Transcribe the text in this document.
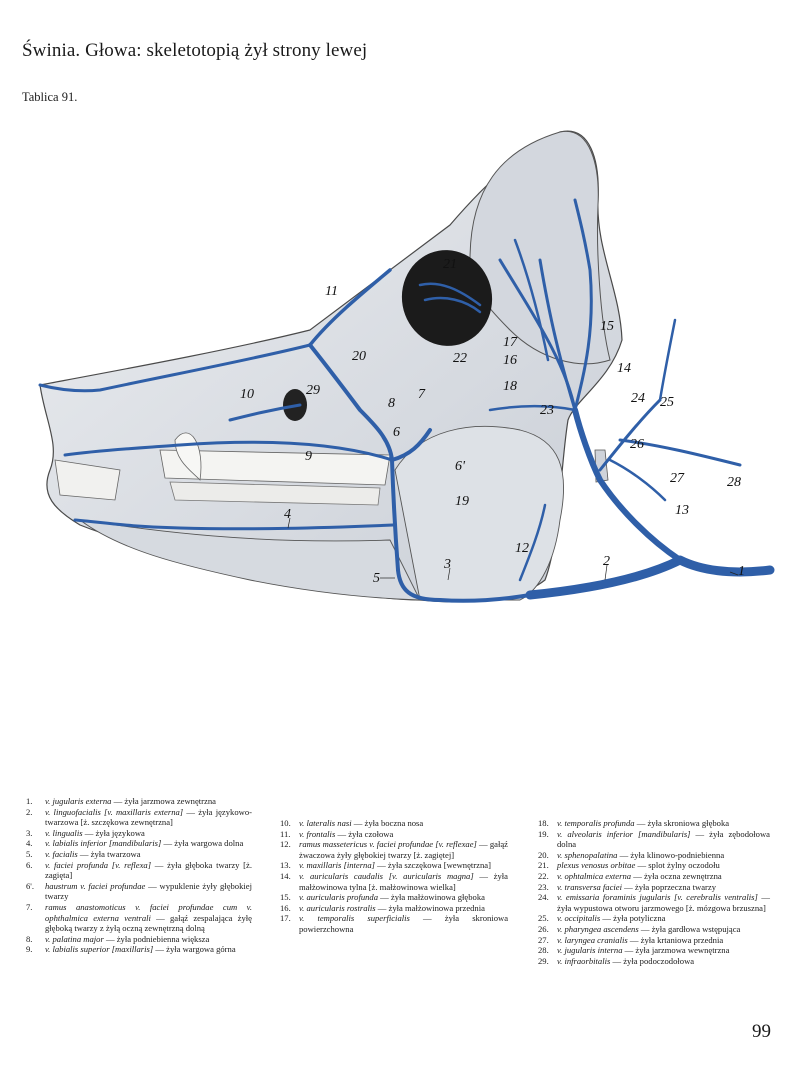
Świnia. Głowa: skeletotopią żył strony lewej
Tablica 91.
1
2
3
4
5
6
6'
7
8
9
10
11
12
13
14
15
16
17
18
19
20
21
22
23
24 25
26
27	28
29
1.	v. jugularis externa — żyła jarzmowa zewnętrzna
2.	v. linguofacialis [v. maxillaris externa] — żyła językowo-twarzowa [ż. szczękowa zewnętrzna]
3.	v. lingualis — żyła językowa
4.	v. labialis inferior [mandibularis] — żyła wargowa dolna
5.	v. facialis — żyła twarzowa
6.	v. faciei profunda [v. reflexa] — żyła głęboka twarzy [ż. zagięta]
6'.	haustrum v. faciei profundae — wypuklenie żyły głębokiej twarzy
7.	ramus anastomoticus v. faciei profundae cum v. ophthalmica externa ventrali — gałąź zespalająca żyłę głęboką twarzy z żyłą oczną zewnętrzną dolną
8.	v. palatina major — żyła podniebienna większa
9.	v. labialis superior [maxillaris] — żyła wargowa górna
10. v. lateralis nasi — żyła boczna nosa
11. v. frontalis — żyła czołowa
12. ramus massetericus v. faciei profundae [v. reflexae] — gałąź żwaczowa żyły głębokiej twarzy [ż. zagiętej]
13. v. maxillaris [interna] — żyła szczękowa [wewnętrzna]
14. v. auricularis caudalis [v. auricularis magna] — żyła małżowinowa tylna [ż. małżowinowa wielka]
15. v. auricularis profunda — żyła małżowinowa głęboka
16. v. auricularis rostralis — żyła małżowinowa przednia
17. v. temporalis superficialis — żyła skroniowa powierzchowna
18. v. temporalis profunda — żyła skroniowa głęboka
19. v. alveolaris inferior [mandibularis] — żyła zębodołowa dolna
20. v. sphenopalatina — żyła klinowo-podniebienna
21. plexus venosus orbitae — splot żylny oczodołu
22. v. ophtalmica externa — żyła oczna zewnętrzna
23. v. transversa faciei — żyła poprzeczna twarzy
24. v. emissaria foraminis jugularis [v. cerebralis ventralis] — żyła wypustowa otworu jarzmowego [ż. mózgowa brzuszna]
25. v. occipitalis — żyła potyliczna
26. v. pharyngea ascendens — żyła gardłowa wstępująca
27. v. laryngea cranialis — żyła krtaniowa przednia
28. v. jugularis interna — żyła jarzmowa wewnętrzna
29. v. infraorbitalis — żyła podoczodołowa
99
